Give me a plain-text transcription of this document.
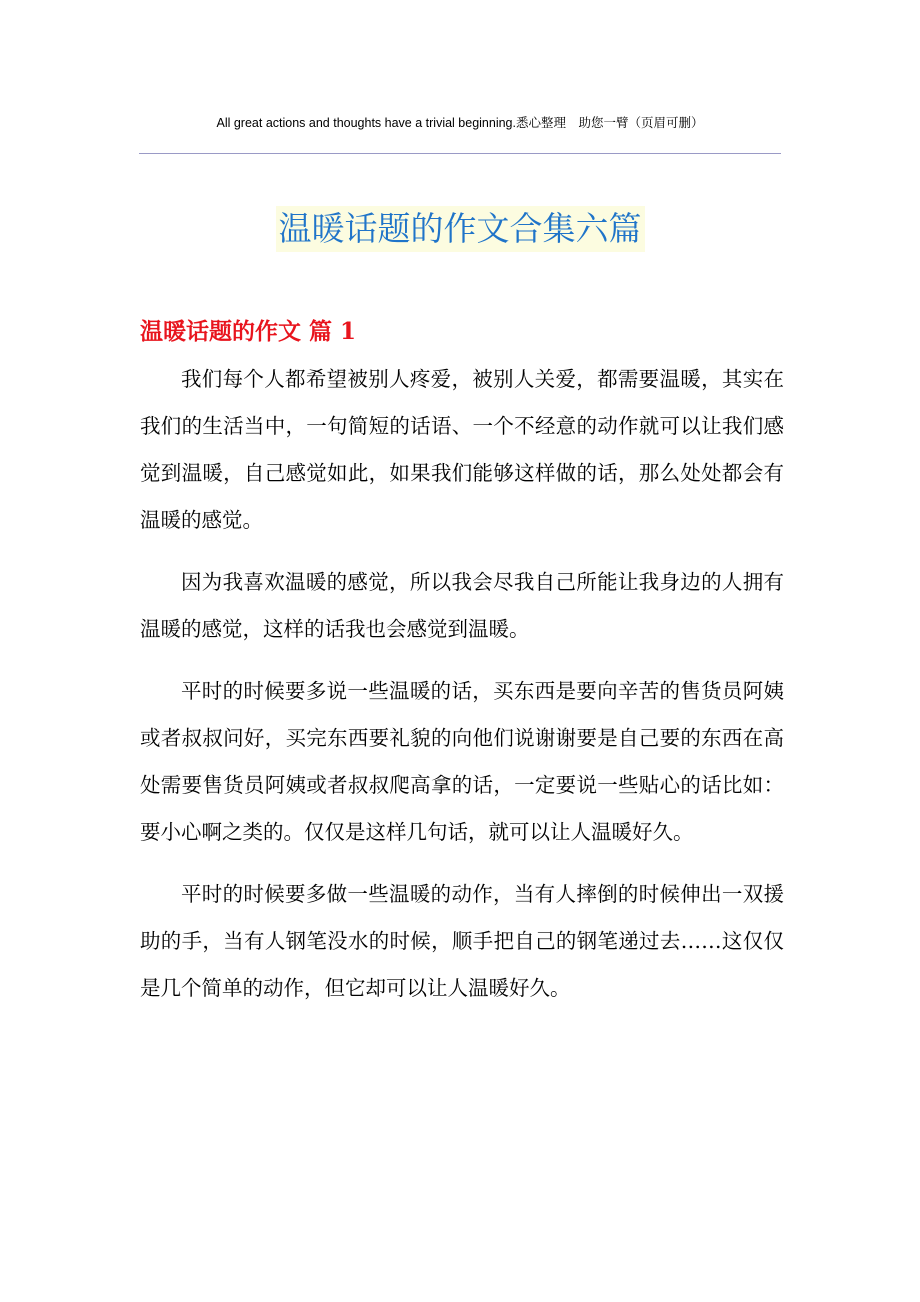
All great actions and thoughts have a trivial beginning.悉心整理　助您一臂（页眉可删）
温暖话题的作文合集六篇
温暖话题的作文 篇 1

我们每个人都希望被别人疼爱，被别人关爱，都需要温暖，其实在我们的生活当中，一句简短的话语、一个不经意的动作就可以让我们感觉到温暖，自己感觉如此，如果我们能够这样做的话，那么处处都会有温暖的感觉。

因为我喜欢温暖的感觉，所以我会尽我自己所能让我身边的人拥有温暖的感觉，这样的话我也会感觉到温暖。

平时的时候要多说一些温暖的话，买东西是要向辛苦的售货员阿姨或者叔叔问好，买完东西要礼貌的向他们说谢谢要是自己要的东西在高处需要售货员阿姨或者叔叔爬高拿的话，一定要说一些贴心的话比如：要小心啊之类的。仅仅是这样几句话，就可以让人温暖好久。

平时的时候要多做一些温暖的动作，当有人摔倒的时候伸出一双援助的手，当有人钢笔没水的时候，顺手把自己的钢笔递过去……这仅仅是几个简单的动作，但它却可以让人温暖好久。
